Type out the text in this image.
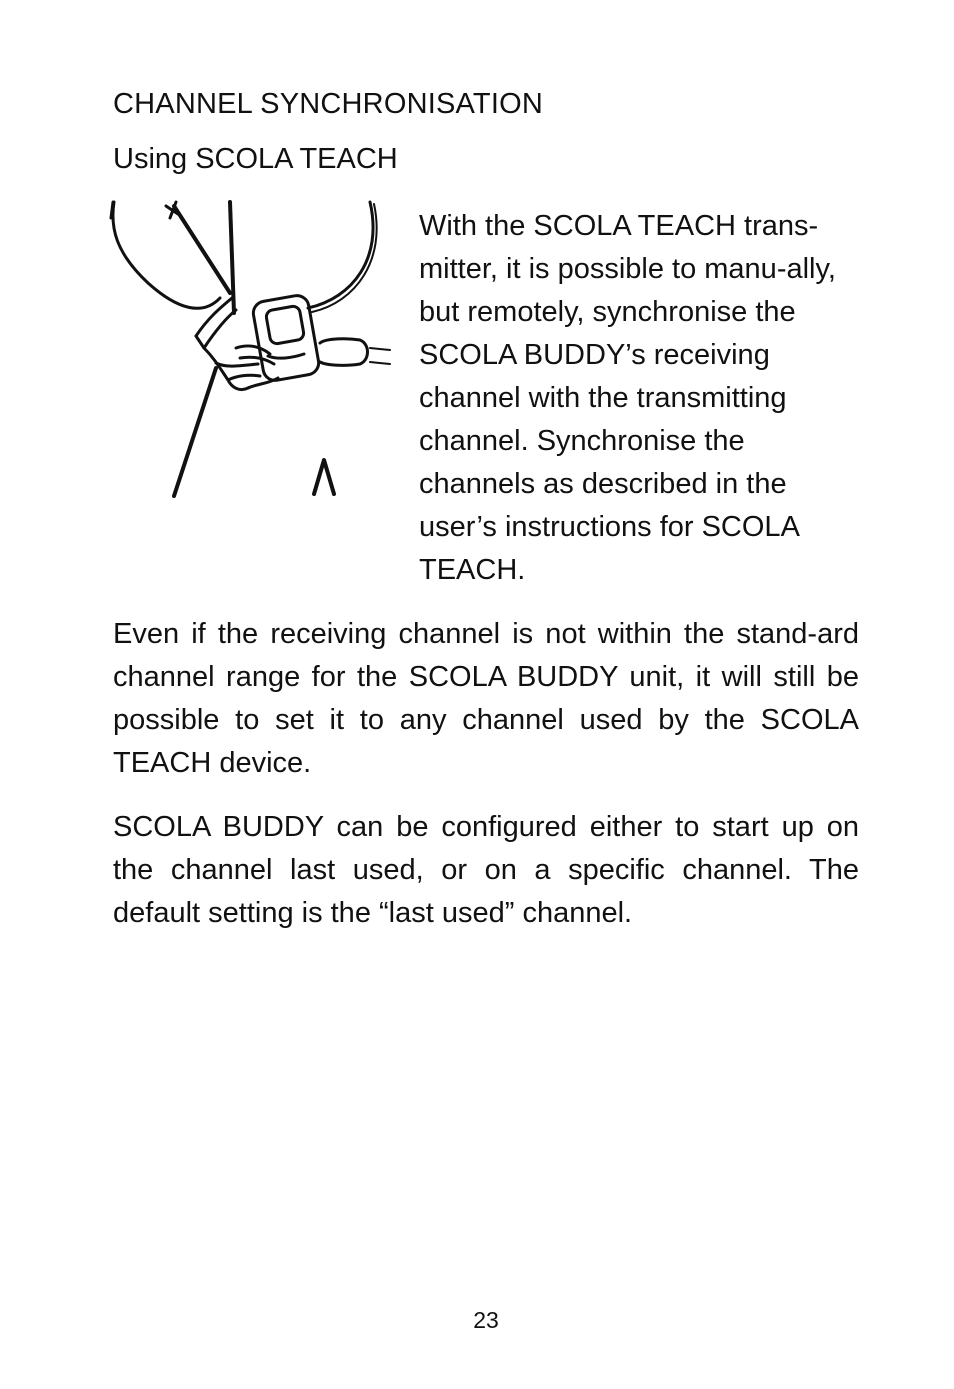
CHANNEL SYNCHRONISATION
Using SCOLA TEACH

With the SCOLA TEACH trans-mitter, it is possible to manu-ally, but remotely, synchronise the SCOLA BUDDY’s receiving channel with the transmitting channel. Synchronise the channels as described in the user’s instructions for SCOLA TEACH.

Even if the receiving channel is not within the stand-ard channel range for the SCOLA BUDDY unit, it will still be possible to set it to any channel used by the SCOLA TEACH device.

SCOLA BUDDY can be configured either to start up on the channel last used, or on a specific channel. The default setting is the “last used” channel.

23
